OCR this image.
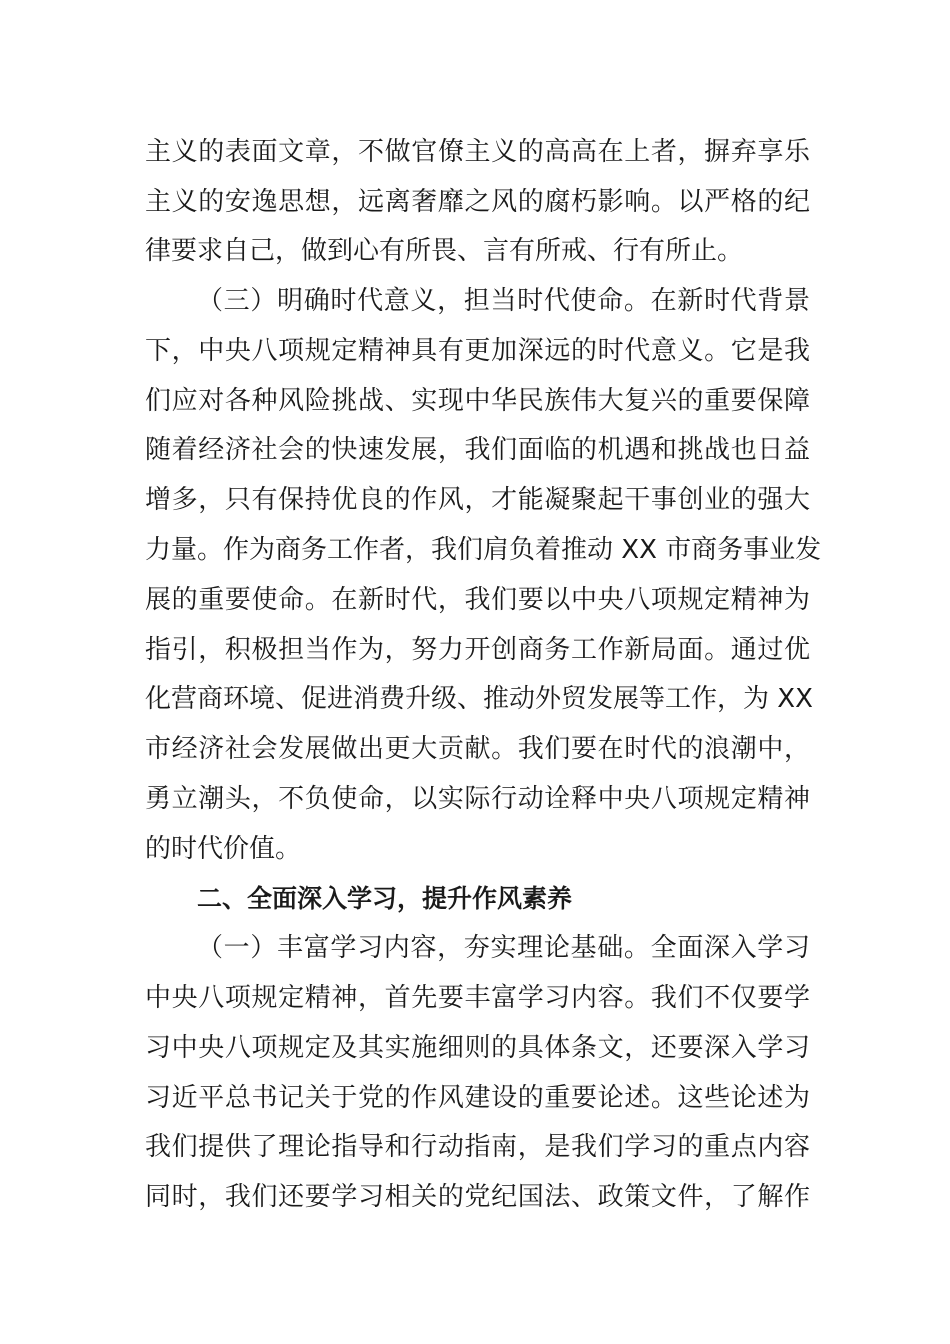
主义的表面文章，不做官僚主义的高高在上者，摒弃享乐
主义的安逸思想，远离奢靡之风的腐朽影响。以严格的纪
律要求自己，做到心有所畏、言有所戒、行有所止。
（三）明确时代意义，担当时代使命。在新时代背景
下，中央八项规定精神具有更加深远的时代意义。它是我
们应对各种风险挑战、实现中华民族伟大复兴的重要保障
随着经济社会的快速发展，我们面临的机遇和挑战也日益
增多，只有保持优良的作风，才能凝聚起干事创业的强大
力量。作为商务工作者，我们肩负着推动 XX 市商务事业发
展的重要使命。在新时代，我们要以中央八项规定精神为
指引，积极担当作为，努力开创商务工作新局面。通过优
化营商环境、促进消费升级、推动外贸发展等工作，为 XX
市经济社会发展做出更大贡献。我们要在时代的浪潮中，
勇立潮头，不负使命，以实际行动诠释中央八项规定精神
的时代价值。
二、全面深入学习，提升作风素养
（一）丰富学习内容，夯实理论基础。全面深入学习
中央八项规定精神，首先要丰富学习内容。我们不仅要学
习中央八项规定及其实施细则的具体条文，还要深入学习
习近平总书记关于党的作风建设的重要论述。这些论述为
我们提供了理论指导和行动指南，是我们学习的重点内容
同时，我们还要学习相关的党纪国法、政策文件，了解作
